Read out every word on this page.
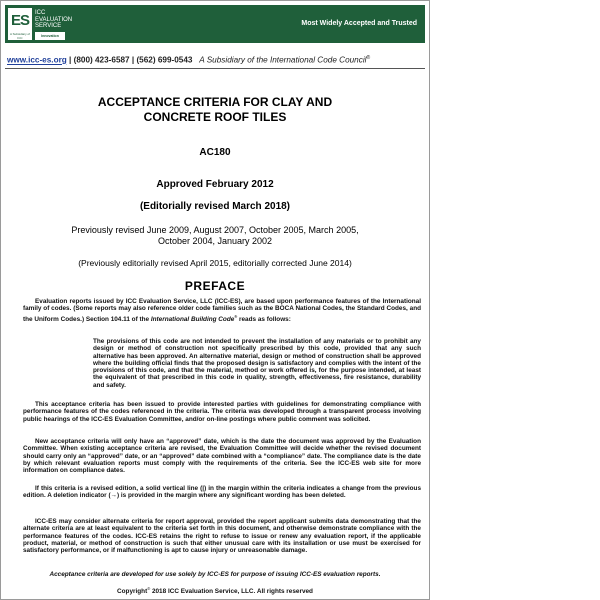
ES
A Subsidiary of ICC
ICC
EVALUATION
SERVICE
Innovation
Most Widely Accepted and Trusted
www.icc-es.org | (800) 423-6587 | (562) 699-0543 A Subsidiary of the International Code Council®
ACCEPTANCE CRITERIA FOR CLAY AND
CONCRETE ROOF TILES
AC180
Approved February 2012
(Editorially revised March 2018)
Previously revised June 2009, August 2007, October 2005, March 2005,
October 2004, January 2002
(Previously editorially revised April 2015, editorially corrected June 2014)
PREFACE
Evaluation reports issued by ICC Evaluation Service, LLC (ICC-ES), are based upon performance features of the International family of codes. (Some reports may also reference older code families such as the BOCA National Codes, the Standard Codes, and the Uniform Codes.) Section 104.11 of the International Building Code® reads as follows:
The provisions of this code are not intended to prevent the installation of any materials or to prohibit any design or method of construction not specifically prescribed by this code, provided that any such alternative has been approved. An alternative material, design or method of construction shall be approved where the building official finds that the proposed design is satisfactory and complies with the intent of the provisions of this code, and that the material, method or work offered is, for the purpose intended, at least the equivalent of that prescribed in this code in quality, strength, effectiveness, fire resistance, durability and safety.
This acceptance criteria has been issued to provide interested parties with guidelines for demonstrating compliance with performance features of the codes referenced in the criteria. The criteria was developed through a transparent process involving public hearings of the ICC-ES Evaluation Committee, and/or on-line postings where public comment was solicited.
New acceptance criteria will only have an “approved” date, which is the date the document was approved by the Evaluation Committee. When existing acceptance criteria are revised, the Evaluation Committee will decide whether the revised document should carry only an “approved” date, or an “approved” date combined with a “compliance” date. The compliance date is the date by which relevant evaluation reports must comply with the requirements of the criteria. See the ICC-ES web site for more information on compliance dates.
If this criteria is a revised edition, a solid vertical line (|) in the margin within the criteria indicates a change from the previous edition. A deletion indicator (→) is provided in the margin where any significant wording has been deleted.
ICC-ES may consider alternate criteria for report approval, provided the report applicant submits data demonstrating that the alternate criteria are at least equivalent to the criteria set forth in this document, and otherwise demonstrate compliance with the performance features of the codes. ICC-ES retains the right to refuse to issue or renew any evaluation report, if the applicable product, material, or method of construction is such that either unusual care with its installation or use must be exercised for satisfactory performance, or if malfunctioning is apt to cause injury or unreasonable damage.
Acceptance criteria are developed for use solely by ICC-ES for purpose of issuing ICC-ES evaluation reports.
Copyright© 2018 ICC Evaluation Service, LLC. All rights reserved
